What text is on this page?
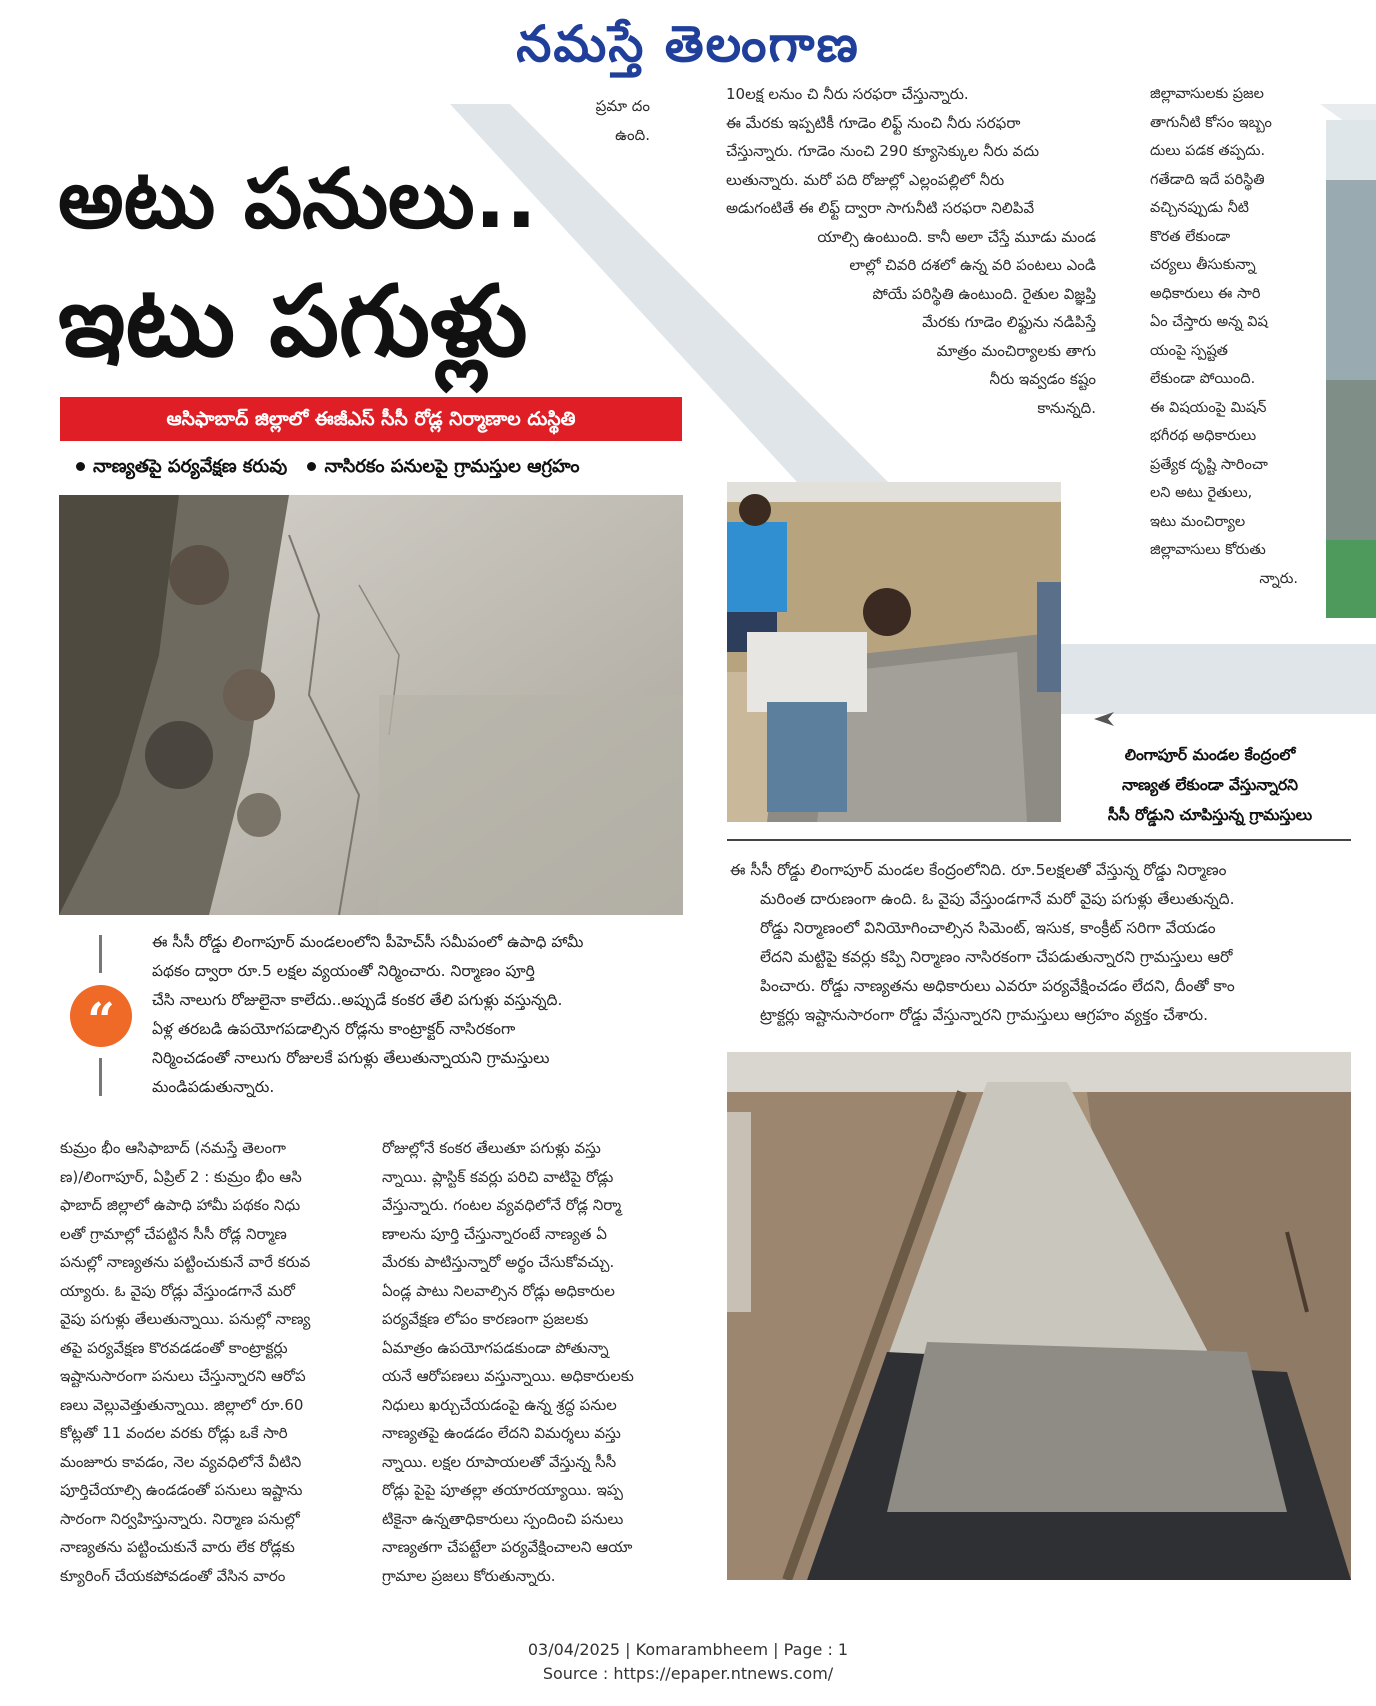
నమస్తే తెలంగాణ

ప్రమా దం

ఉంది.

అటు పనులు..
ఇటు పగుళ్లు
ఆసిఫాబాద్‌ జిల్లాలో ఈజీఎస్‌ సీసీ రోడ్ల నిర్మాణాల దుస్థితి
నాణ్యతపై పర్యవేక్షణ కరువు నాసిరకం పనులపై గ్రామస్తుల ఆగ్రహం

10లక్ష లనుం చి నీరు సరఫరా చేస్తున్నారు.

ఈ మేరకు ఇప్పటికీ గూడెం లిఫ్ట్‌ నుంచి నీరు సరఫరా

చేస్తున్నారు. గూడెం నుంచి 290 క్యూసెక్కుల నీరు వదు

లుతున్నారు. మరో పది రోజుల్లో ఎల్లంపల్లిలో నీరు

అడుగంటితే ఈ లిఫ్ట్‌ ద్వారా సాగునీటి సరఫరా నిలిపివే

యాల్సి ఉంటుంది. కానీ అలా చేస్తే మూడు మండ

లాల్లో చివరి దశలో ఉన్న వరి పంటలు ఎండి

పోయే పరిస్థితి ఉంటుంది. రైతుల విజ్ఞప్తి

మేరకు గూడెం లిఫ్టును నడిపిస్తే

మాత్రం మంచిర్యాలకు తాగు

నీరు ఇవ్వడం కష్టం

కానున్నది.

జిల్లావాసులకు ప్రజల

తాగునీటి కోసం ఇబ్బం

దులు పడక తప్పదు.

గతేడాది ఇదే పరిస్థితి

వచ్చినప్పుడు నీటి

కొరత లేకుండా

చర్యలు తీసుకున్నా

అధికారులు ఈ సారి

ఏం చేస్తారు అన్న విష

యంపై స్పష్టత

లేకుండా పోయింది.

ఈ విషయంపై మిషన్‌

భగీరథ అధికారులు

ప్రత్యేక దృష్టి సారించా

లని అటు రైతులు,

ఇటు మంచిర్యాల

జిల్లావాసులు కోరుతు

న్నారు.

లింగాపూర్‌ మండల కేంద్రంలో
నాణ్యత లేకుండా వేస్తున్నారని
సీసీ రోడ్డుని చూపిస్తున్న గ్రామస్తులు

ఈ సీసీ రోడ్డు లింగాపూర్‌ మండల కేంద్రంలోనిది. రూ.5లక్షలతో వేస్తున్న రోడ్డు నిర్మాణం

మరింత దారుణంగా ఉంది. ఓ వైపు వేస్తుండగానే మరో వైపు పగుళ్లు తేలుతున్నది.

రోడ్డు నిర్మాణంలో వినియోగించాల్సిన సిమెంట్‌, ఇసుక, కాంక్రీట్‌ సరిగా వేయడం

లేదని మట్టిపై కవర్లు కప్పి నిర్మాణం నాసిరకంగా చేపడుతున్నారని గ్రామస్తులు ఆరో

పించారు. రోడ్డు నాణ్యతను అధికారులు ఎవరూ పర్యవేక్షించడం లేదని, దీంతో కాం

ట్రాక్టర్లు ఇష్టానుసారంగా రోడ్డు వేస్తున్నారని గ్రామస్తులు ఆగ్రహం వ్యక్తం చేశారు.

“
ఈ సీసీ రోడ్డు లింగాపూర్‌ మండలంలోని పీహెచ్‌సీ సమీపంలో ఉపాధి హామీ
పథకం ద్వారా రూ.5 లక్షల వ్యయంతో నిర్మించారు. నిర్మాణం పూర్తి
చేసి నాలుగు రోజులైనా కాలేదు..అప్పుడే కంకర తేలి పగుళ్లు వస్తున్నది.
ఏళ్ల తరబడి ఉపయోగపడాల్సిన రోడ్లను కాంట్రాక్టర్‌ నాసిరకంగా
నిర్మించడంతో నాలుగు రోజులకే పగుళ్లు తేలుతున్నాయని గ్రామస్తులు
మండిపడుతున్నారు.

కుమ్రం భీం ఆసిఫాబాద్‌ (నమస్తే తెలంగా

ణ)/లింగాపూర్‌, ఏప్రిల్‌ 2 : కుమ్రం భీం ఆసి

ఫాబాద్‌ జిల్లాలో ఉపాధి హామీ పథకం నిధు

లతో గ్రామాల్లో చేపట్టిన సీసీ రోడ్ల నిర్మాణ

పనుల్లో నాణ్యతను పట్టించుకునే వారే కరువ

య్యారు. ఓ వైపు రోడ్లు వేస్తుండగానే మరో

వైపు పగుళ్లు తేలుతున్నాయి. పనుల్లో నాణ్య

తపై పర్యవేక్షణ కొరవడడంతో కాంట్రాక్టర్లు

ఇష్టానుసారంగా పనులు చేస్తున్నారని ఆరోప

ణలు వెల్లువెత్తుతున్నాయి. జిల్లాలో రూ.60

కోట్లతో 11 వందల వరకు రోడ్లు ఒకే సారి

మంజూరు కావడం, నెల వ్యవధిలోనే వీటిని

పూర్తిచేయాల్సి ఉండడంతో పనులు ఇష్టాను

సారంగా నిర్వహిస్తున్నారు. నిర్మాణ పనుల్లో

నాణ్యతను పట్టించుకునే వారు లేక రోడ్లకు

క్యూరింగ్‌ చేయకపోవడంతో వేసిన వారం

రోజుల్లోనే కంకర తేలుతూ పగుళ్లు వస్తు

న్నాయి. ప్లాస్టిక్‌ కవర్లు పరిచి వాటిపై రోడ్లు

వేస్తున్నారు. గంటల వ్యవధిలోనే రోడ్ల నిర్మా

ణాలను పూర్తి చేస్తున్నారంటే నాణ్యత ఏ

మేరకు పాటిస్తున్నారో అర్థం చేసుకోవచ్చు.

ఏండ్ల పాటు నిలవాల్సిన రోడ్లు అధికారుల

పర్యవేక్షణ లోపం కారణంగా ప్రజలకు

ఏమాత్రం ఉపయోగపడకుండా పోతున్నా

యనే ఆరోపణలు వస్తున్నాయి. అధికారులకు

నిధులు ఖర్చుచేయడంపై ఉన్న శ్రద్ధ పనుల

నాణ్యతపై ఉండడం లేదని విమర్శలు వస్తు

న్నాయి. లక్షల రూపాయలతో వేస్తున్న సీసీ

రోడ్లు పైపై పూతల్లా తయారయ్యాయి. ఇప్ప

టికైనా ఉన్నతాధికారులు స్పందించి పనులు

నాణ్యతగా చేపట్టేలా పర్యవేక్షించాలని ఆయా

గ్రామాల ప్రజలు కోరుతున్నారు.

03/04/2025 | Komarambheem | Page : 1
Source : https://epaper.ntnews.com/
